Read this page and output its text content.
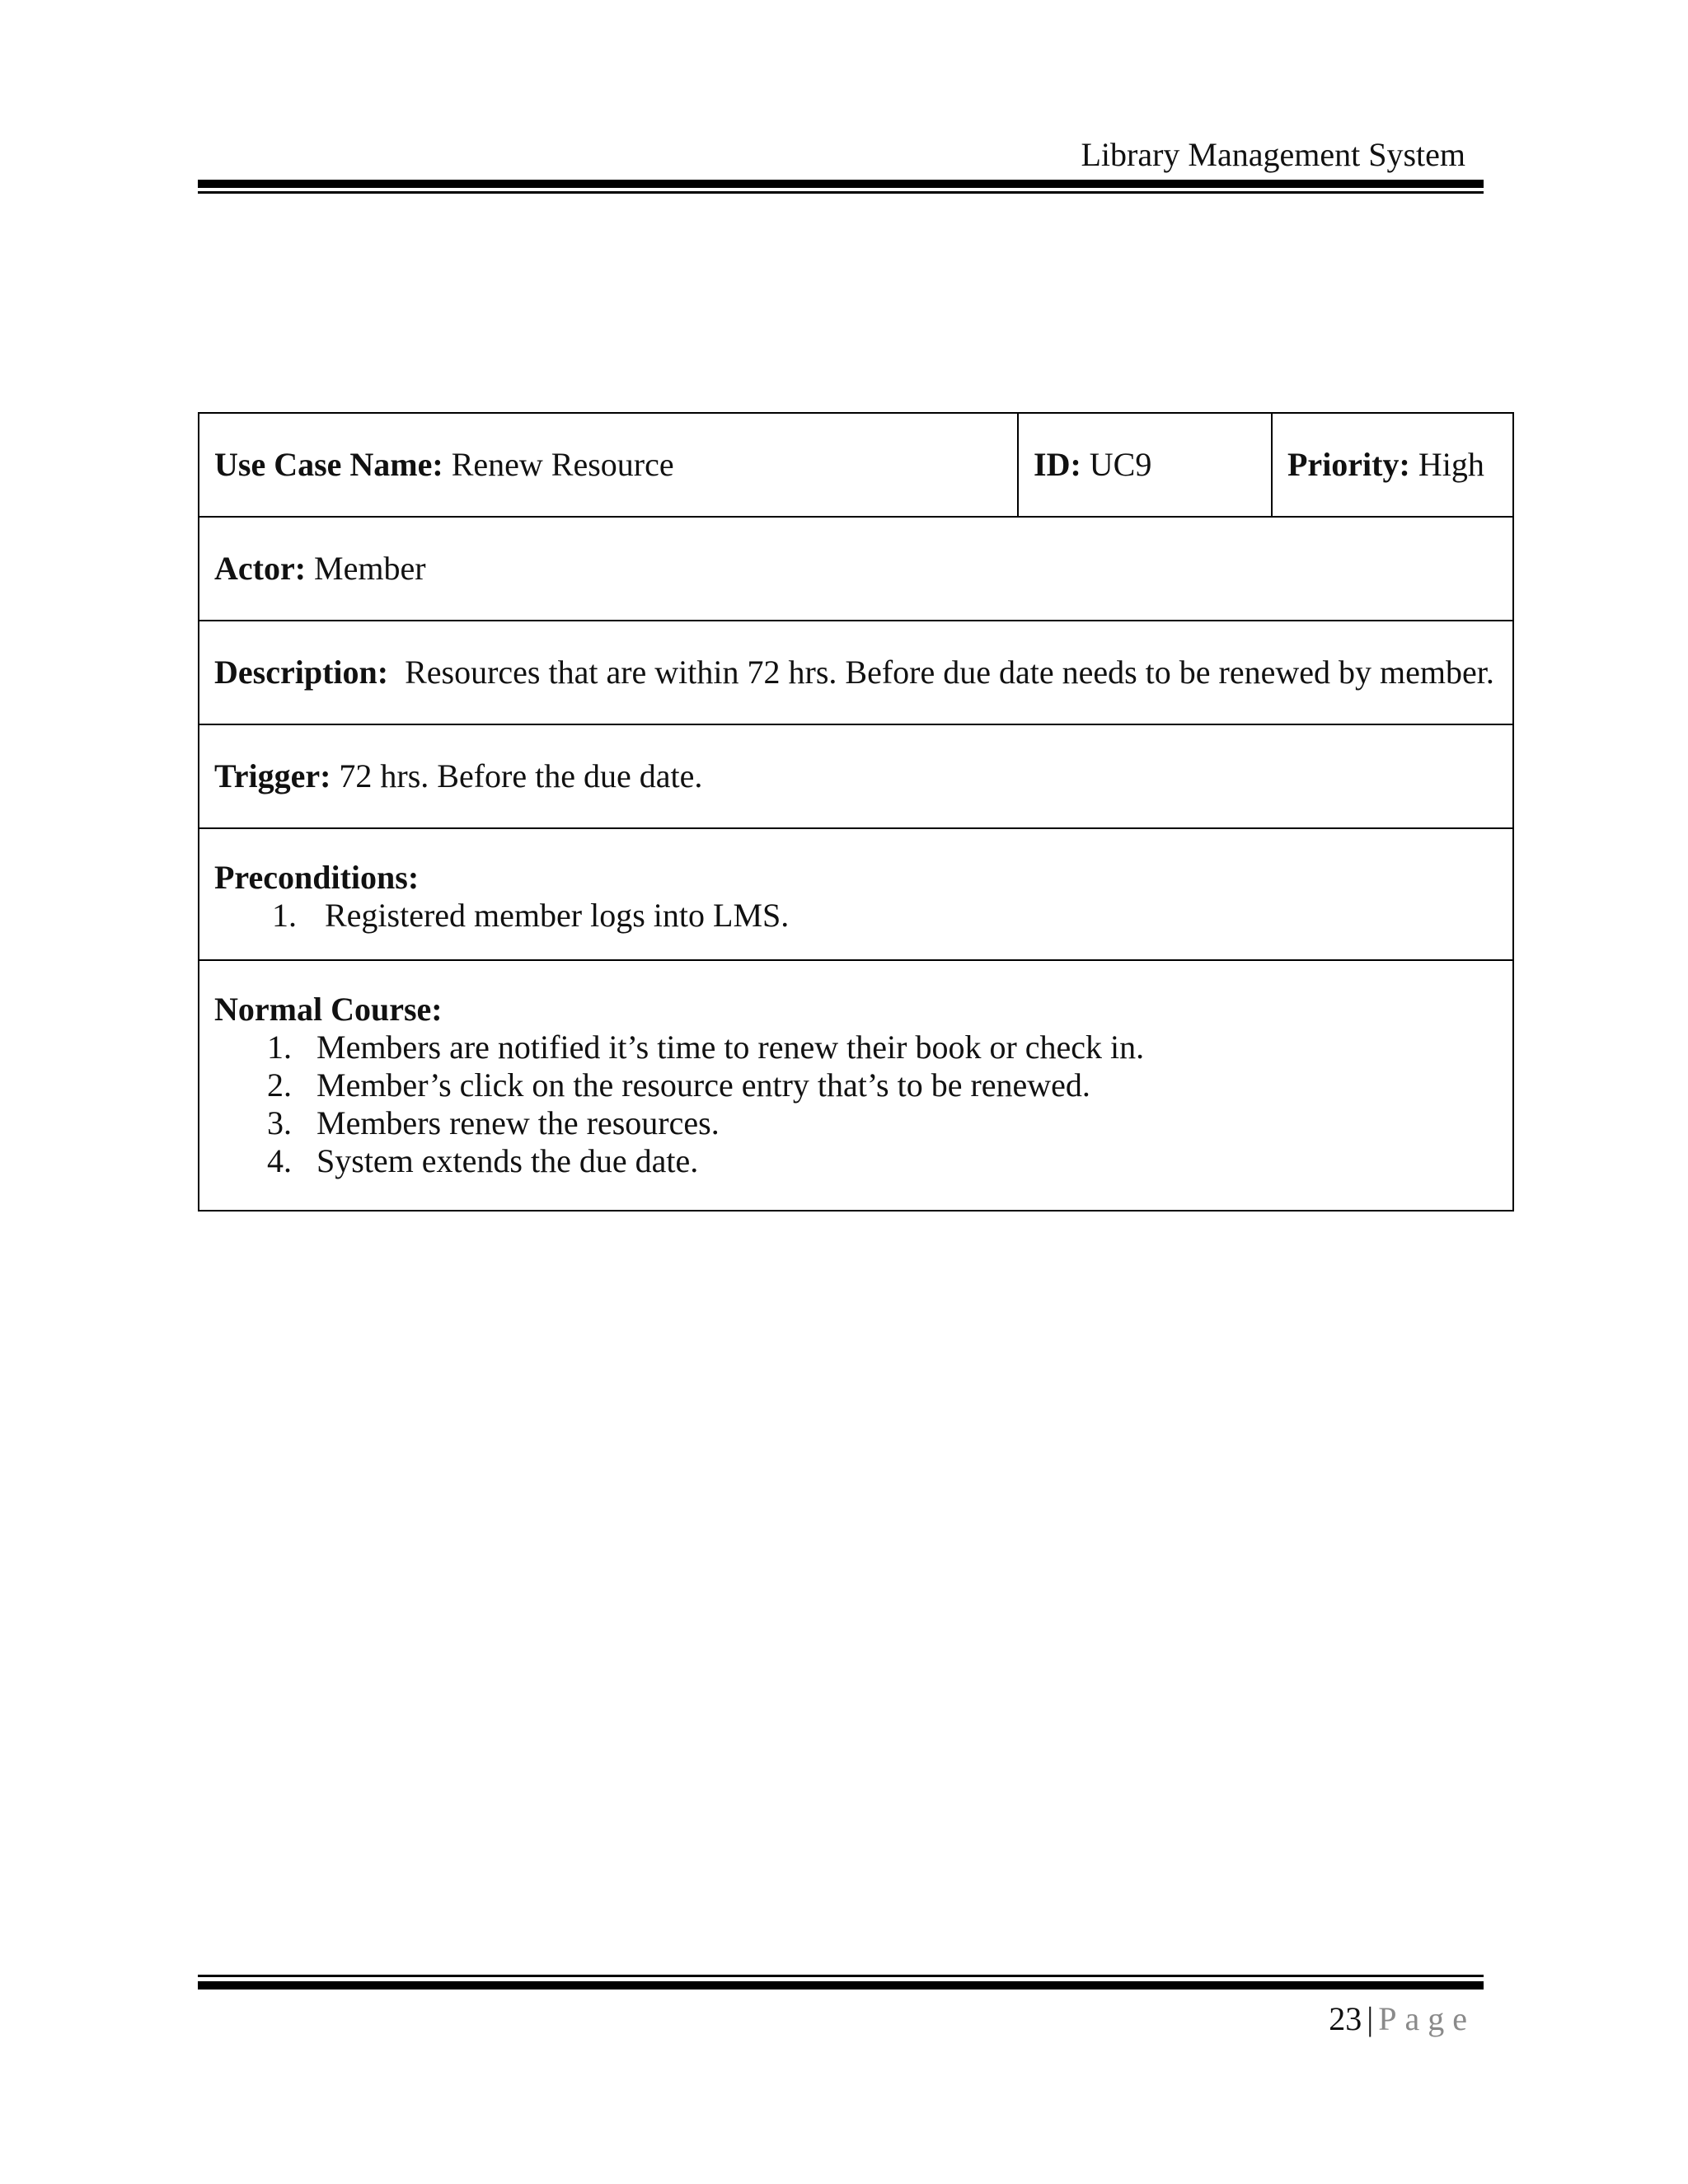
Library Management System
Use Case Name: Renew Resource	ID: UC9	Priority: High
Actor: Member
Description: Resources that are within 72 hrs. Before due date needs to be renewed by member.
Trigger: 72 hrs. Before the due date.

Preconditions:
1. Registered member logs into LMS.

Normal Course:
1. Members are notified it’s time to renew their book or check in.
2. Member’s click on the resource entry that’s to be renewed.
3. Members renew the resources.
4. System extends the due date.
23 | Page
